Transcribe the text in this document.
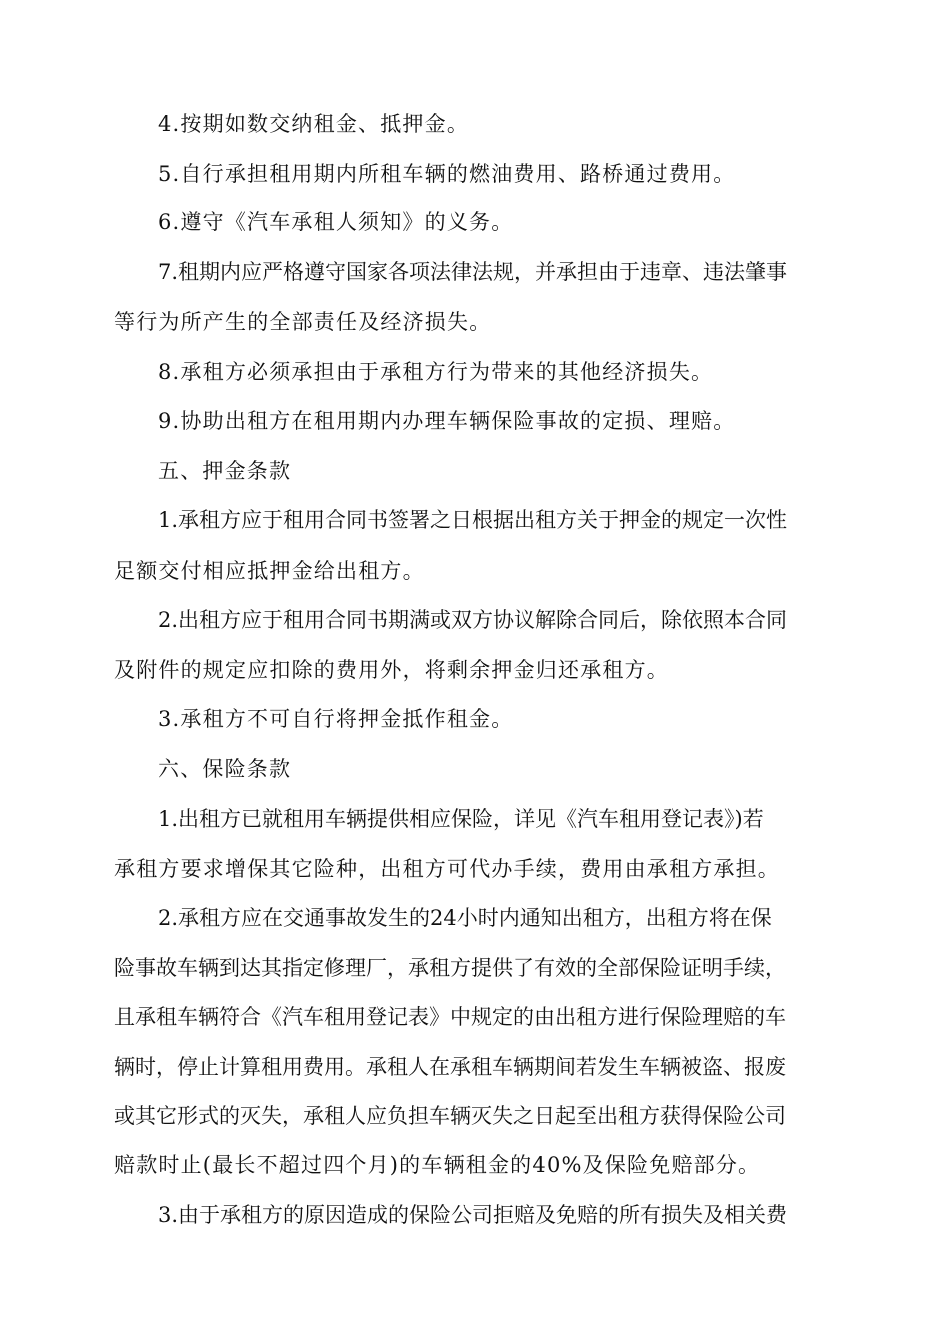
4.按期如数交纳租金、抵押金。
5.自行承担租用期内所租车辆的燃油费用、路桥通过费用。
6.遵守《汽车承租人须知》的义务。
7.租期内应严格遵守国家各项法律法规，并承担由于违章、违法肇事
等行为所产生的全部责任及经济损失。
8.承租方必须承担由于承租方行为带来的其他经济损失。
9.协助出租方在租用期内办理车辆保险事故的定损、理赔。
五、押金条款
1.承租方应于租用合同书签署之日根据出租方关于押金的规定一次性
足额交付相应抵押金给出租方。
2.出租方应于租用合同书期满或双方协议解除合同后，除依照本合同
及附件的规定应扣除的费用外，将剩余押金归还承租方。
3.承租方不可自行将押金抵作租金。
六、保险条款
1.出租方已就租用车辆提供相应保险，详见《汽车租用登记表》)若
承租方要求增保其它险种，出租方可代办手续，费用由承租方承担。
2.承租方应在交通事故发生的24小时内通知出租方，出租方将在保
险事故车辆到达其指定修理厂，承租方提供了有效的全部保险证明手续，
且承租车辆符合《汽车租用登记表》中规定的由出租方进行保险理赔的车
辆时，停止计算租用费用。承租人在承租车辆期间若发生车辆被盗、报废
或其它形式的灭失，承租人应负担车辆灭失之日起至出租方获得保险公司
赔款时止(最长不超过四个月)的车辆租金的40%及保险免赔部分。
3.由于承租方的原因造成的保险公司拒赔及免赔的所有损失及相关费
